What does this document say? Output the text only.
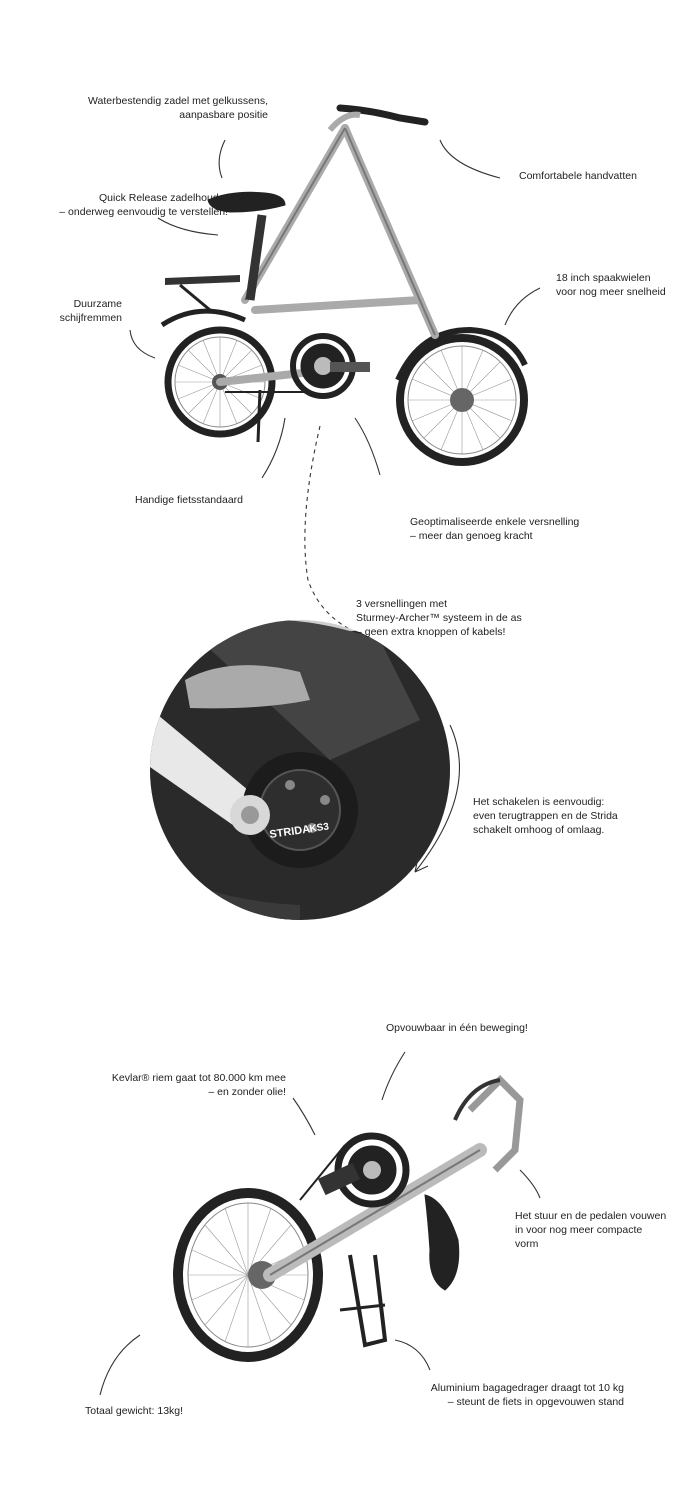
STRIDA
KS3
Waterbestendig zadel met gelkussens,
aanpasbare positie
Comfortabele handvatten
Quick Release zadelhouder
– onderweg eenvoudig te verstellen!
18 inch spaakwielen
voor nog meer snelheid
Duurzame
schijfremmen
Handige fietsstandaard
Geoptimaliseerde enkele versnelling
– meer dan genoeg kracht
3 versnellingen met
Sturmey-Archer™ systeem in de as
– geen extra knoppen of kabels!
Het schakelen is eenvoudig:
even terugtrappen en de Strida
schakelt omhoog of omlaag.
Opvouwbaar in één beweging!
Kevlar® riem gaat tot 80.000 km mee
– en zonder olie!
Het stuur en de pedalen vouwen
in voor nog meer compacte
vorm
Totaal gewicht: 13kg!
Aluminium bagagedrager draagt tot 10 kg
– steunt de fiets in opgevouwen stand
